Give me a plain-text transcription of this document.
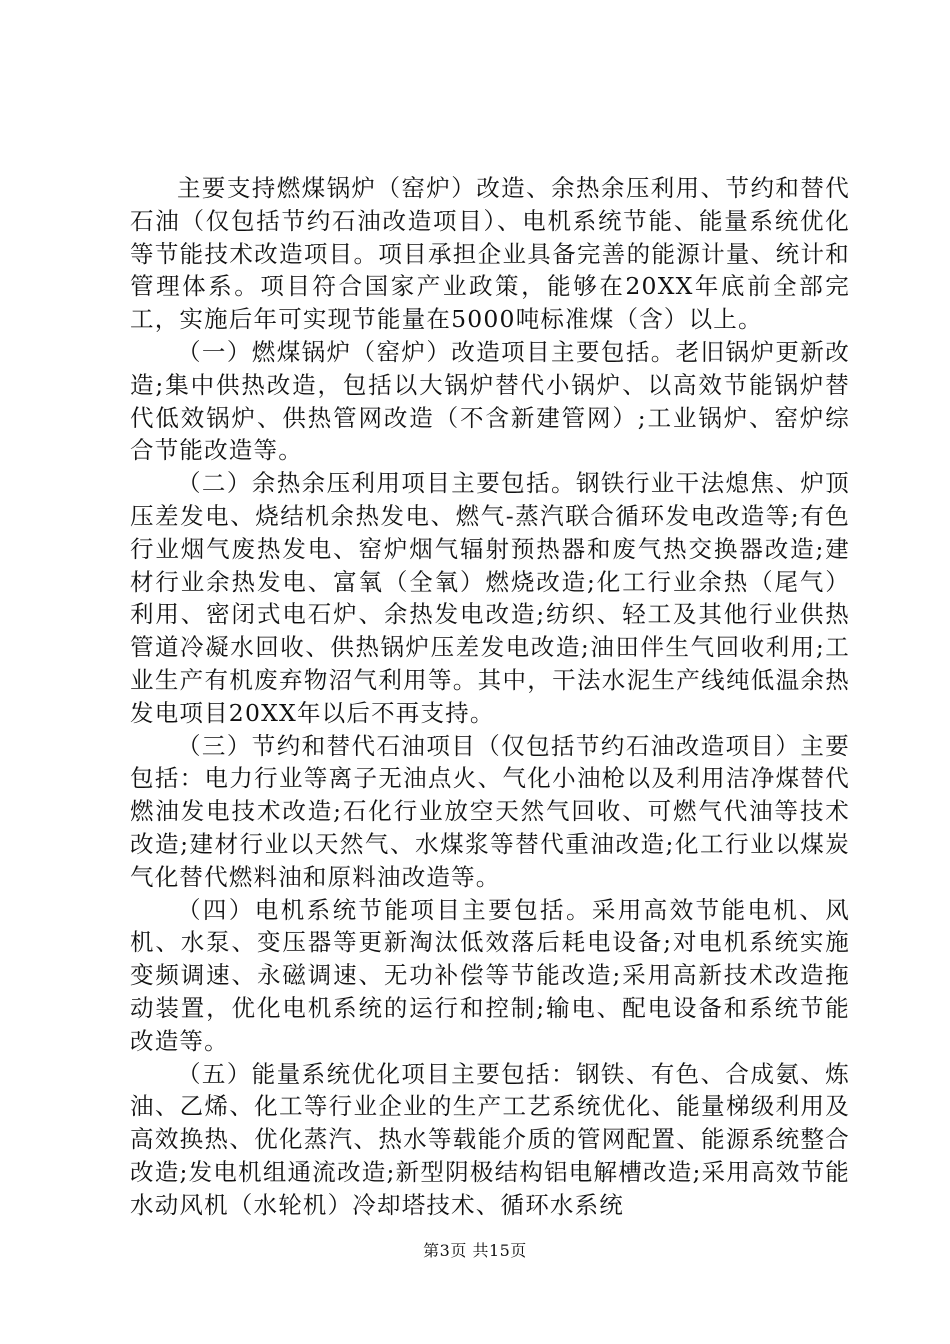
主要支持燃煤锅炉（窑炉）改造、余热余压利用、节约和替代石油（仅包括节约石油改造项目）、电机系统节能、能量系统优化等节能技术改造项目。项目承担企业具备完善的能源计量、统计和管理体系。项目符合国家产业政策，能够在20XX年底前全部完工，实施后年可实现节能量在5000吨标准煤（含）以上。

（一）燃煤锅炉（窑炉）改造项目主要包括。老旧锅炉更新改造;集中供热改造，包括以大锅炉替代小锅炉、以高效节能锅炉替代低效锅炉、供热管网改造（不含新建管网）;工业锅炉、窑炉综合节能改造等。

（二）余热余压利用项目主要包括。钢铁行业干法熄焦、炉顶压差发电、烧结机余热发电、燃气-蒸汽联合循环发电改造等;有色行业烟气废热发电、窑炉烟气辐射预热器和废气热交换器改造;建材行业余热发电、富氧（全氧）燃烧改造;化工行业余热（尾气）利用、密闭式电石炉、余热发电改造;纺织、轻工及其他行业供热管道冷凝水回收、供热锅炉压差发电改造;油田伴生气回收利用;工业生产有机废弃物沼气利用等。其中，干法水泥生产线纯低温余热发电项目20XX年以后不再支持。

（三）节约和替代石油项目（仅包括节约石油改造项目）主要包括：电力行业等离子无油点火、气化小油枪以及利用洁净煤替代燃油发电技术改造;石化行业放空天然气回收、可燃气代油等技术改造;建材行业以天然气、水煤浆等替代重油改造;化工行业以煤炭气化替代燃料油和原料油改造等。

（四）电机系统节能项目主要包括。采用高效节能电机、风机、水泵、变压器等更新淘汰低效落后耗电设备;对电机系统实施变频调速、永磁调速、无功补偿等节能改造;采用高新技术改造拖动装置，优化电机系统的运行和控制;输电、配电设备和系统节能改造等。

（五）能量系统优化项目主要包括：钢铁、有色、合成氨、炼油、乙烯、化工等行业企业的生产工艺系统优化、能量梯级利用及高效换热、优化蒸汽、热水等载能介质的管网配置、能源系统整合改造;发电机组通流改造;新型阴极结构铝电解槽改造;采用高效节能水动风机（水轮机）冷却塔技术、循环水系统

第3页 共15页
